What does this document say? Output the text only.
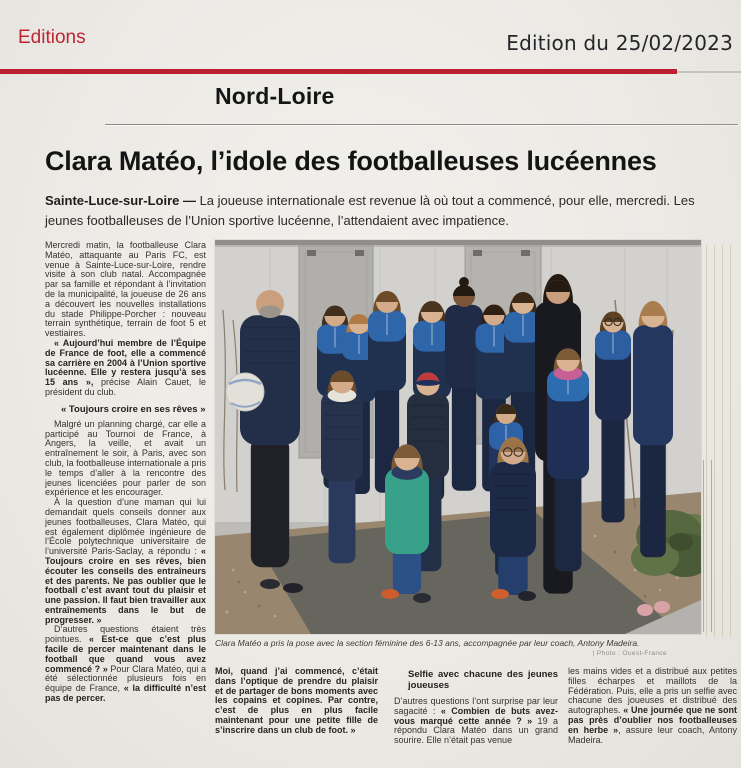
Editions	Edition du 25/02/2023
Nord-Loire
Clara Matéo, l’idole des footballeuses lucéennes
Sainte-Luce-sur-Loire — La joueuse internationale est revenue là où tout a commencé, pour elle, mercredi. Les jeunes footballeuses de l’Union sportive lucéenne, l’attendaient avec impatience.

Mercredi matin, la footballeuse Clara Matéo, attaquante au Paris FC, est venue à Sainte-Luce-sur-Loire, rendre visite à son club natal. Accompagnée par sa famille et répondant à l’invitation de la municipalité, la joueuse de 26 ans a découvert les nouvelles installations du stade Philippe-Porcher : nouveau terrain synthétique, terrain de foot 5 et vestiaires.

« Aujourd’hui membre de l’Équipe de France de foot, elle a commencé sa carrière en 2004 à l’Union sportive lucéenne. Elle y restera jusqu’à ses 15 ans », précise Alain Cauet, le président du club.

« Toujours croire en ses rêves »

Malgré un planning chargé, car elle a participé au Tournoi de France, à Angers, la veille, et avait un entraînement le soir, à Paris, avec son club, la footballeuse internationale a pris le temps d’aller à la rencontre des jeunes licenciées pour parler de son expérience et les encourager.

À la question d’une maman qui lui demandait quels conseils donner aux jeunes footballeuses, Clara Matéo, qui est également diplômée ingénieure de l’École polytechnique universitaire de l’université Paris-Saclay, a répondu : « Toujours croire en ses rêves, bien écouter les conseils des entraîneurs et des parents. Ne pas oublier que le football c’est avant tout du plaisir et une passion. Il faut bien travailler aux entraînements dans le but de progresser. »

D’autres questions étaient très pointues. « Est-ce que c’est plus facile de percer maintenant dans le football que quand vous avez commencé ? » Pour Clara Matéo, qui a été sélectionnée plusieurs fois en équipe de France, « la difficulté n’est pas de percer.

Clara Matéo a pris la pose avec la section féminine des 6-13 ans, accompagnée par leur coach, Antony Madeira.
| Photo : Ouest-France

Moi, quand j’ai commencé, c’était dans l’optique de prendre du plaisir et de partager de bons moments avec les copains et copines. Par contre, c’est de plus en plus facile maintenant pour une petite fille de s’inscrire dans un club de foot. »

Selfie avec chacune des jeunes joueuses

D’autres questions l’ont surprise par leur sagacité : « Combien de buts avez-vous marqué cette année ? » 19 a répondu Clara Matéo dans un grand sourire. Elle n’était pas venue

les mains vides et a distribué aux petites filles écharpes et maillots de la Fédération. Puis, elle a pris un selfie avec chacune des joueuses et distribué des autographes. « Une journée que ne sont pas près d’oublier nos footballeuses en herbe », assure leur coach, Antony Madeira.
